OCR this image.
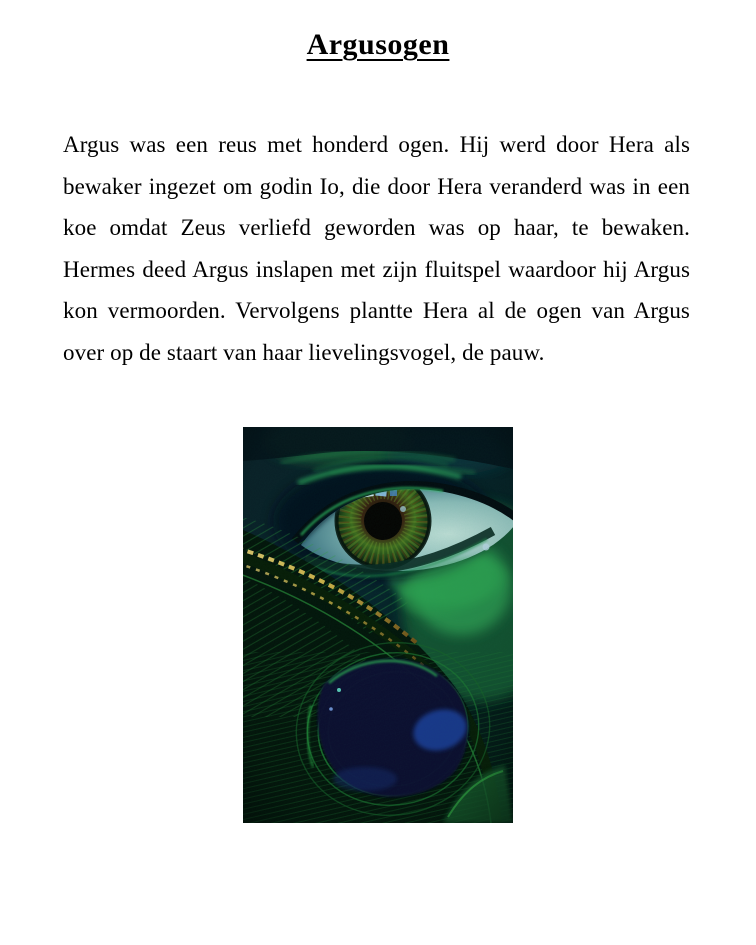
Argusogen

Argus was een reus met honderd ogen. Hij werd door Hera als bewaker ingezet om godin Io, die door Hera veranderd was in een koe omdat Zeus verliefd geworden was op haar, te bewaken. Hermes deed Argus inslapen met zijn fluitspel waardoor hij Argus kon vermoorden. Vervolgens plantte Hera al de ogen van Argus over op de staart van haar lievelingsvogel, de pauw.
